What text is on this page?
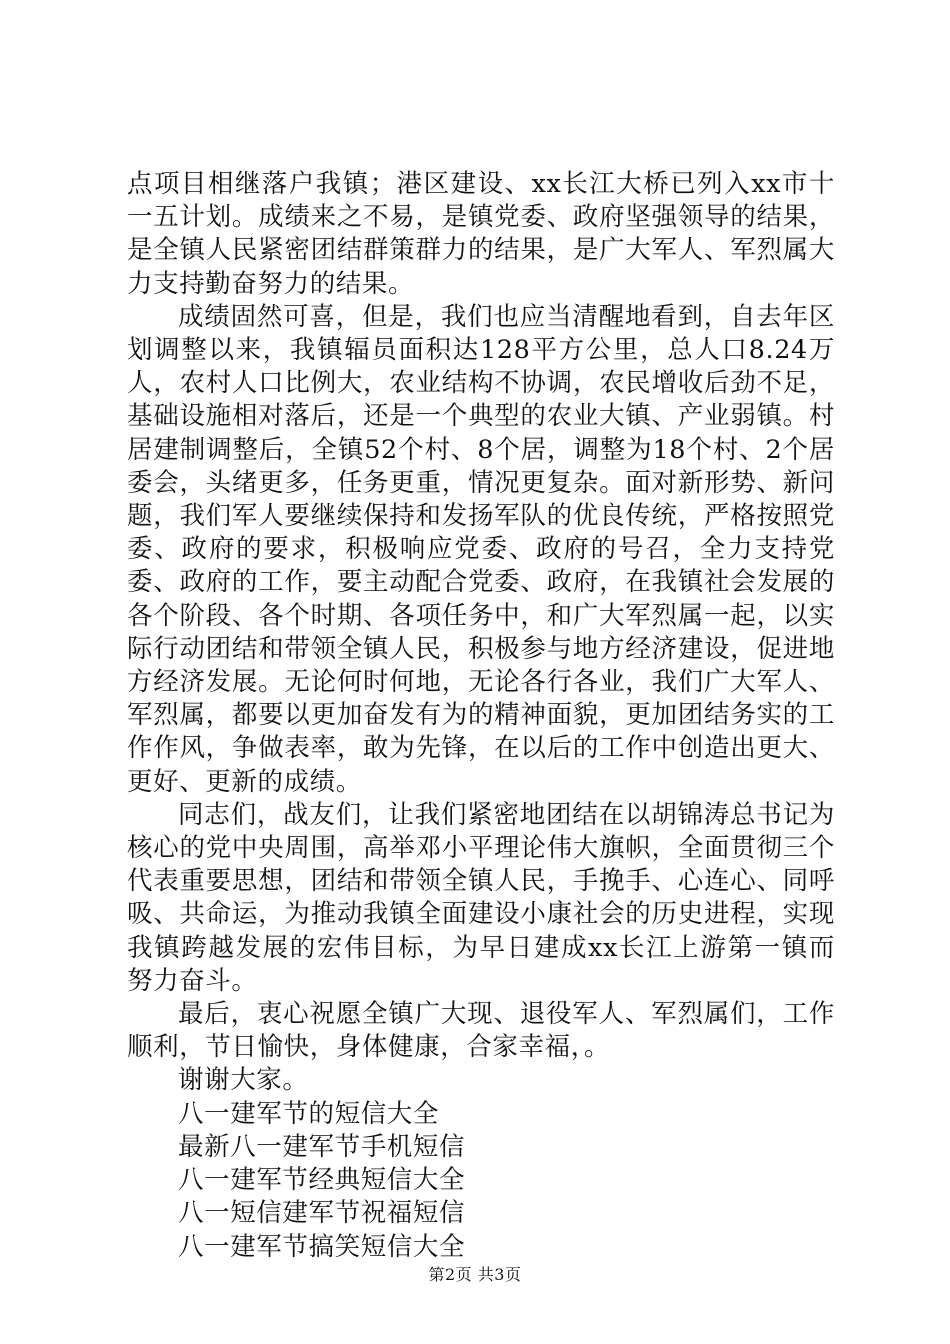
点项目相继落户我镇；港区建设、xx长江大桥已列入xx市十一五计划。成绩来之不易，是镇党委、政府坚强领导的结果，是全镇人民紧密团结群策群力的结果，是广大军人、军烈属大力支持勤奋努力的结果。

成绩固然可喜，但是，我们也应当清醒地看到，自去年区划调整以来，我镇辐员面积达128平方公里，总人口8.24万人，农村人口比例大，农业结构不协调，农民增收后劲不足，基础设施相对落后，还是一个典型的农业大镇、产业弱镇。村居建制调整后，全镇52个村、8个居，调整为18个村、2个居委会，头绪更多，任务更重，情况更复杂。面对新形势、新问题，我们军人要继续保持和发扬军队的优良传统，严格按照党委、政府的要求，积极响应党委、政府的号召，全力支持党委、政府的工作，要主动配合党委、政府，在我镇社会发展的各个阶段、各个时期、各项任务中，和广大军烈属一起，以实际行动团结和带领全镇人民，积极参与地方经济建设，促进地方经济发展。无论何时何地，无论各行各业，我们广大军人、军烈属，都要以更加奋发有为的精神面貌，更加团结务实的工作作风，争做表率，敢为先锋，在以后的工作中创造出更大、更好、更新的成绩。

同志们，战友们，让我们紧密地团结在以胡锦涛总书记为核心的党中央周围，高举邓小平理论伟大旗帜，全面贯彻三个代表重要思想，团结和带领全镇人民，手挽手、心连心、同呼吸、共命运，为推动我镇全面建设小康社会的历史进程，实现我镇跨越发展的宏伟目标，为早日建成xx长江上游第一镇而努力奋斗。

最后，衷心祝愿全镇广大现、退役军人、军烈属们，工作顺利，节日愉快，身体健康，合家幸福，。

谢谢大家。

八一建军节的短信大全

最新八一建军节手机短信

八一建军节经典短信大全

八一短信建军节祝福短信

八一建军节搞笑短信大全

第2页 共3页
